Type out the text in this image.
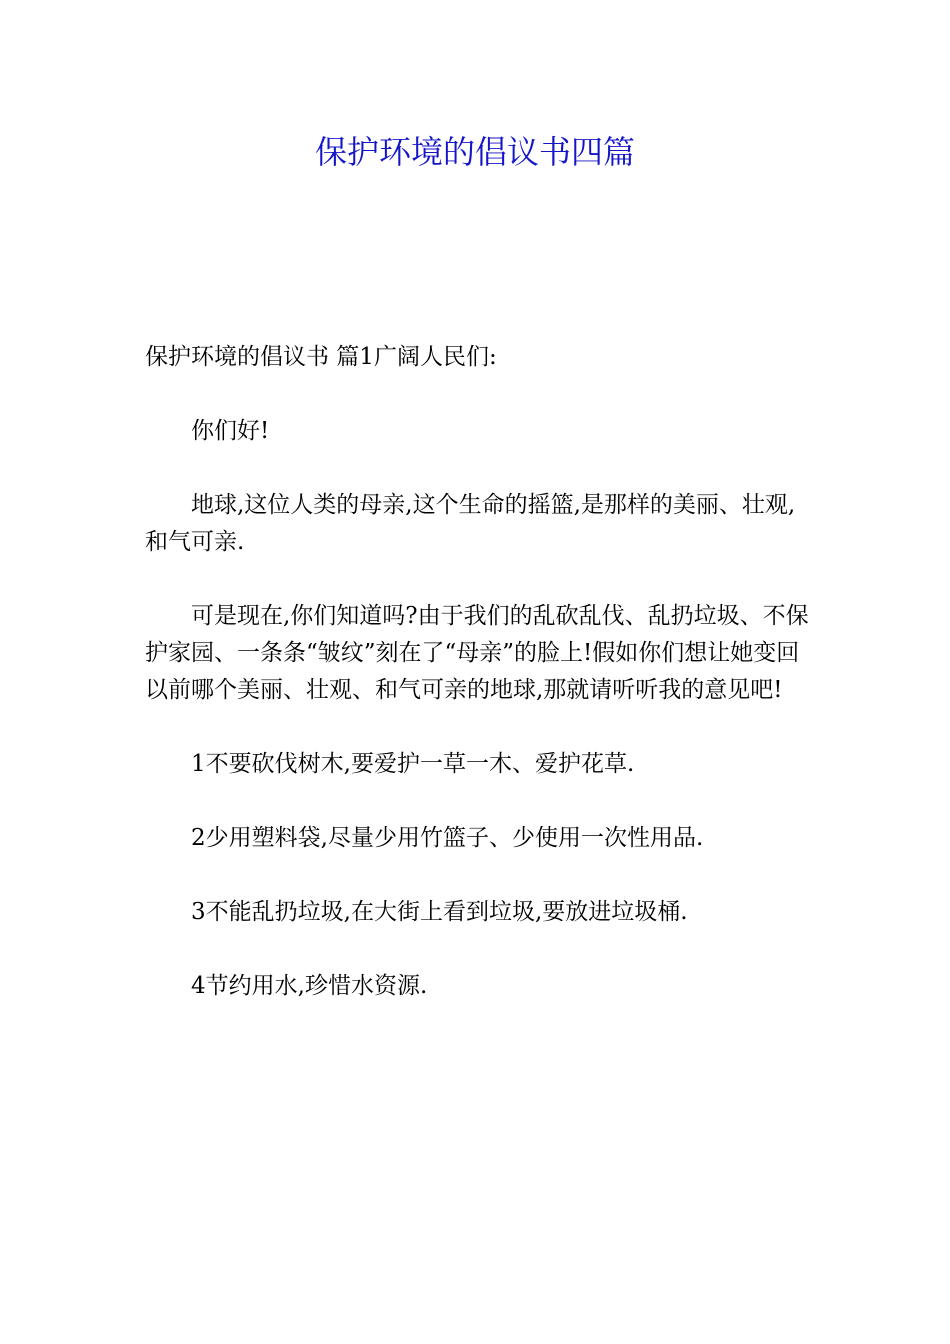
保护环境的倡议书四篇

保护环境的倡议书 篇1广阔人民们:

你们好!

地球,这位人类的母亲,这个生命的摇篮,是那样的美丽、壮观,和气可亲.

可是现在,你们知道吗?由于我们的乱砍乱伐、乱扔垃圾、不保护家园、一条条“皱纹”刻在了“母亲”的脸上!假如你们想让她变回以前哪个美丽、壮观、和气可亲的地球,那就请听听我的意见吧!

1不要砍伐树木,要爱护一草一木、爱护花草.

2少用塑料袋,尽量少用竹篮子、少使用一次性用品.

3不能乱扔垃圾,在大街上看到垃圾,要放进垃圾桶.

4节约用水,珍惜水资源.
